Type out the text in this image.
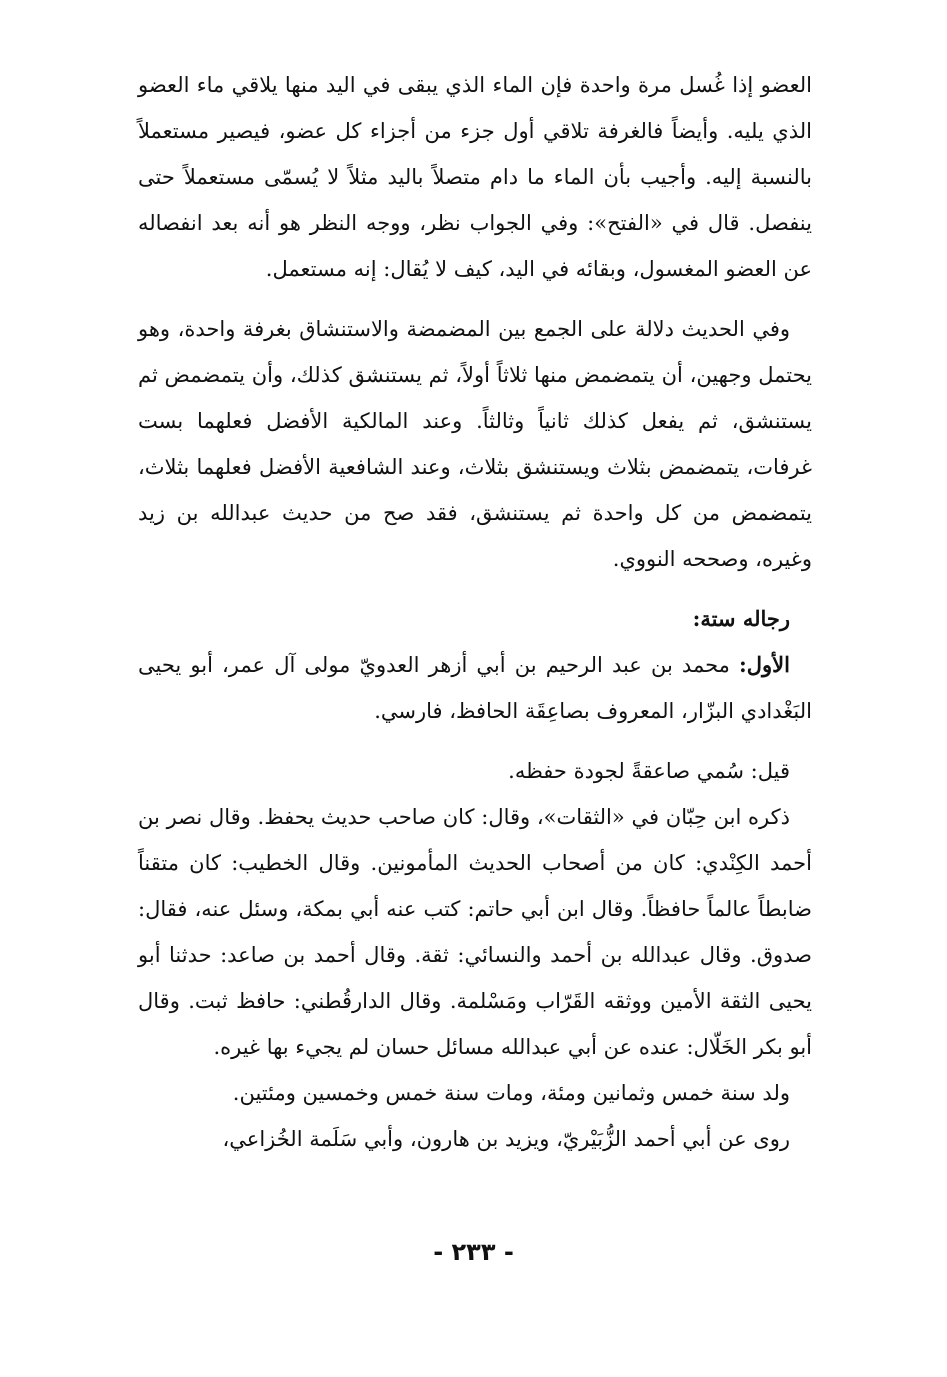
العضو إذا غُسل مرة واحدة فإن الماء الذي يبقى في اليد منها يلاقي ماء العضو الذي يليه. وأيضاً فالغرفة تلاقي أول جزء من أجزاء كل عضو، فيصير مستعملاً بالنسبة إليه. وأجيب بأن الماء ما دام متصلاً باليد مثلاً لا يُسمّى مستعملاً حتى ينفصل. قال في «الفتح»: وفي الجواب نظر، ووجه النظر هو أنه بعد انفصاله عن العضو المغسول، وبقائه في اليد، كيف لا يُقال: إنه مستعمل.

وفي الحديث دلالة على الجمع بين المضمضة والاستنشاق بغرفة واحدة، وهو يحتمل وجهين، أن يتمضمض منها ثلاثاً أولاً، ثم يستنشق كذلك، وأن يتمضمض ثم يستنشق، ثم يفعل كذلك ثانياً وثالثاً. وعند المالكية الأفضل فعلهما بست غرفات، يتمضمض بثلاث ويستنشق بثلاث، وعند الشافعية الأفضل فعلهما بثلاث، يتمضمض من كل واحدة ثم يستنشق، فقد صح من حديث عبدالله بن زيد وغيره، وصححه النووي.

رجاله ستة:

الأول: محمد بن عبد الرحيم بن أبي أزهر العدويّ مولى آل عمر، أبو يحيى البَغْدادي البزّار، المعروف بصاعِقَة الحافظ، فارسي.

قيل: سُمي صاعقةً لجودة حفظه.

ذكره ابن حِبّان في «الثقات»، وقال: كان صاحب حديث يحفظ. وقال نصر بن أحمد الكِنْدي: كان من أصحاب الحديث المأمونين. وقال الخطيب: كان متقناً ضابطاً عالماً حافظاً. وقال ابن أبي حاتم: كتب عنه أبي بمكة، وسئل عنه، فقال: صدوق. وقال عبدالله بن أحمد والنسائي: ثقة. وقال أحمد بن صاعد: حدثنا أبو يحيى الثقة الأمين ووثقه القَرّاب ومَسْلمة. وقال الدارقُطني: حافظ ثبت. وقال أبو بكر الخَلّال: عنده عن أبي عبدالله مسائل حسان لم يجيء بها غيره.

ولد سنة خمس وثمانين ومئة، ومات سنة خمس وخمسين ومئتين.

روى عن أبي أحمد الزُّبَيْريّ، ويزيد بن هارون، وأبي سَلَمة الخُزاعي،

- ٢٣٣ -
